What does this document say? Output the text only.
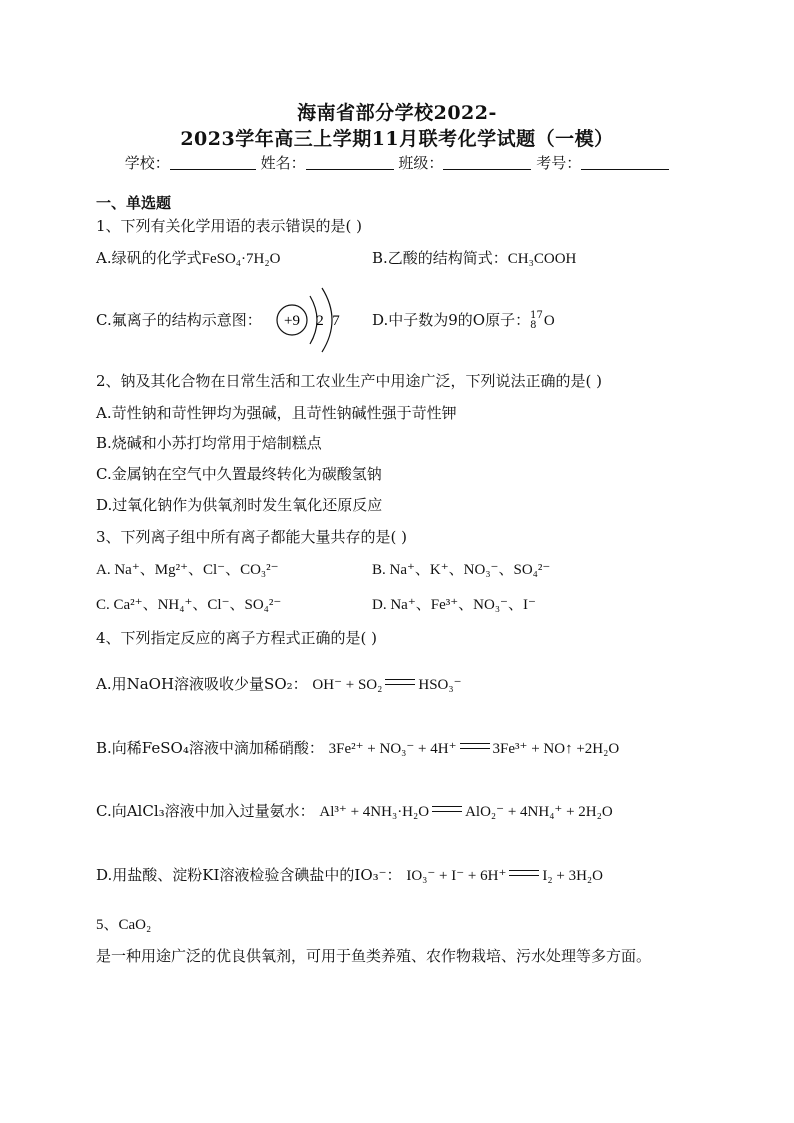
海南省部分学校2022-
2023学年高三上学期11月联考化学试题（一模）
学校：	姓名：	班级：	考号：
一、单选题
1、下列有关化学用语的表示错误的是( )
A.绿矾的化学式FeSO₄·7H₂O	B.乙酸的结构简式：CH₃COOH
C.氟离子的结构示意图： +9 2 7 D.中子数为9的O原子： 17
8 O
2、钠及其化合物在日常生活和工农业生产中用途广泛，下列说法正确的是( )
A.苛性钠和苛性钾均为强碱，且苛性钠碱性强于苛性钾
B.烧碱和小苏打均常用于焙制糕点
C.金属钠在空气中久置最终转化为碳酸氢钠
D.过氧化钠作为供氧剂时发生氧化还原反应
3、下列离子组中所有离子都能大量共存的是( )
A. Na⁺、Mg²⁺、Cl⁻、CO₃²⁻	B. Na⁺、K⁺、NO₃⁻、SO₄²⁻
C. Ca²⁺、NH₄⁺、Cl⁻、SO₄²⁻	D. Na⁺、Fe³⁺、NO₃⁻、I⁻
4、下列指定反应的离子方程式正确的是( )
A.用NaOH溶液吸收少量SO₂： OH⁻ + SO₂ HSO₃⁻
B.向稀FeSO₄溶液中滴加稀硝酸： 3Fe²⁺ + NO₃⁻ + 4H⁺ 3Fe³⁺ + NO↑ +2H₂O
C.向AlCl₃溶液中加入过量氨水： Al³⁺ + 4NH₃·H₂O AlO₂⁻ + 4NH₄⁺ + 2H₂O
D.用盐酸、淀粉KI溶液检验含碘盐中的IO₃⁻： IO₃⁻ + I⁻ + 6H⁺ I₂ + 3H₂O
5、CaO₂
是一种用途广泛的优良供氧剂，可用于鱼类养殖、农作物栽培、污水处理等多方面。
